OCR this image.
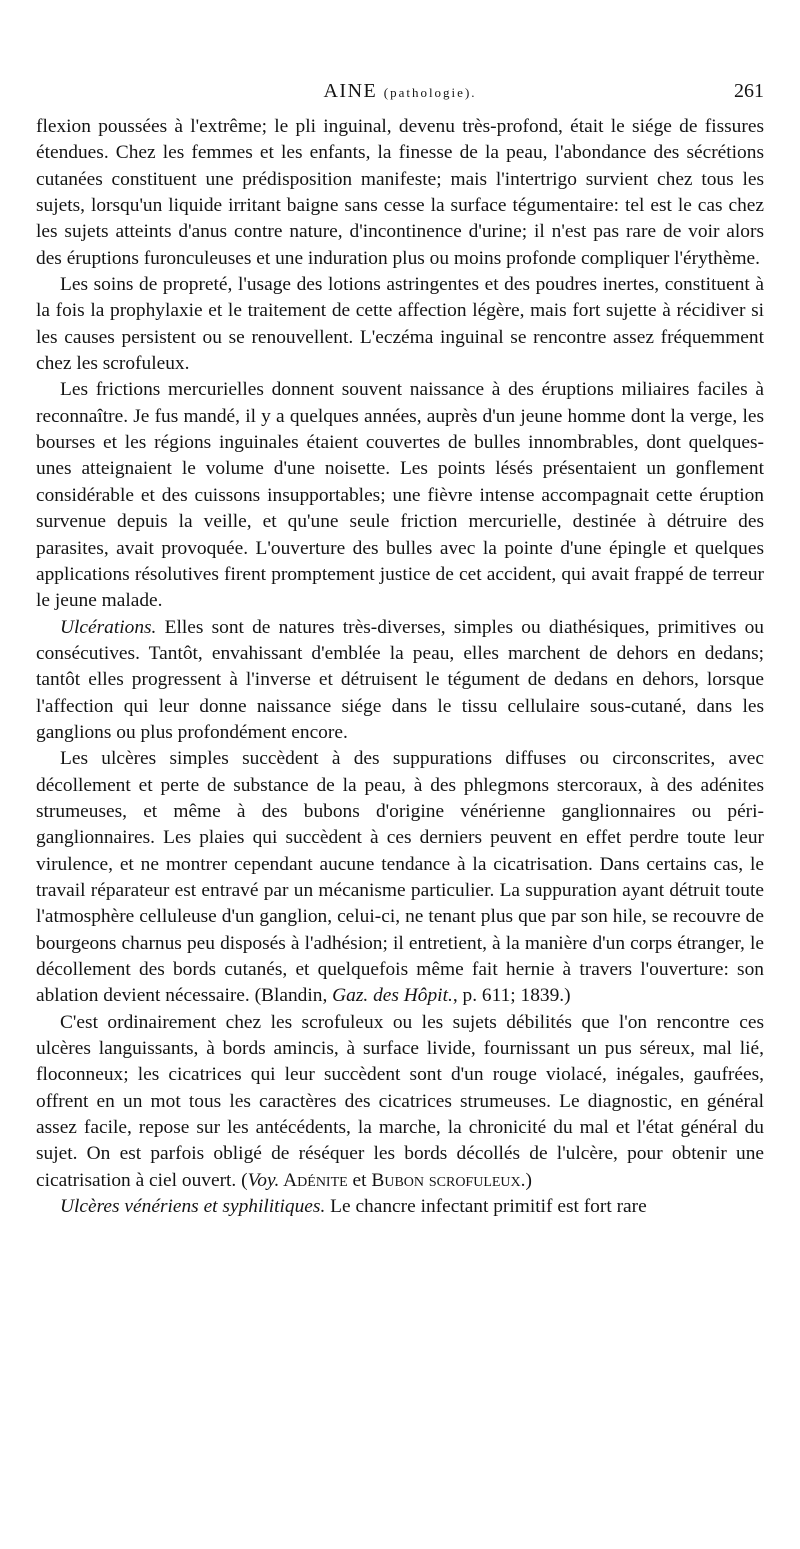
AINE (pathologie).	261

flexion poussées à l'extrême; le pli inguinal, devenu très-profond, était le siége de fissures étendues. Chez les femmes et les enfants, la finesse de la peau, l'abondance des sécrétions cutanées constituent une prédisposition manifeste; mais l'intertrigo survient chez tous les sujets, lorsqu'un liquide irritant baigne sans cesse la surface tégumentaire: tel est le cas chez les sujets atteints d'anus contre nature, d'incontinence d'urine; il n'est pas rare de voir alors des éruptions furonculeuses et une induration plus ou moins profonde compliquer l'érythème.

Les soins de propreté, l'usage des lotions astringentes et des poudres inertes, constituent à la fois la prophylaxie et le traitement de cette affection légère, mais fort sujette à récidiver si les causes persistent ou se renouvellent. L'eczéma inguinal se rencontre assez fréquemment chez les scrofuleux.

Les frictions mercurielles donnent souvent naissance à des éruptions miliaires faciles à reconnaître. Je fus mandé, il y a quelques années, auprès d'un jeune homme dont la verge, les bourses et les régions inguinales étaient couvertes de bulles innombrables, dont quelques-unes atteignaient le volume d'une noisette. Les points lésés présentaient un gonflement considérable et des cuissons insupportables; une fièvre intense accompagnait cette éruption survenue depuis la veille, et qu'une seule friction mercurielle, destinée à détruire des parasites, avait provoquée. L'ouverture des bulles avec la pointe d'une épingle et quelques applications résolutives firent promptement justice de cet accident, qui avait frappé de terreur le jeune malade.

Ulcérations. Elles sont de natures très-diverses, simples ou diathésiques, primitives ou consécutives. Tantôt, envahissant d'emblée la peau, elles marchent de dehors en dedans; tantôt elles progressent à l'inverse et détruisent le tégument de dedans en dehors, lorsque l'affection qui leur donne naissance siége dans le tissu cellulaire sous-cutané, dans les ganglions ou plus profondément encore.

Les ulcères simples succèdent à des suppurations diffuses ou circonscrites, avec décollement et perte de substance de la peau, à des phlegmons stercoraux, à des adénites strumeuses, et même à des bubons d'origine vénérienne ganglionnaires ou péri-ganglionnaires. Les plaies qui succèdent à ces derniers peuvent en effet perdre toute leur virulence, et ne montrer cependant aucune tendance à la cicatrisation. Dans certains cas, le travail réparateur est entravé par un mécanisme particulier. La suppuration ayant détruit toute l'atmosphère celluleuse d'un ganglion, celui-ci, ne tenant plus que par son hile, se recouvre de bourgeons charnus peu disposés à l'adhésion; il entretient, à la manière d'un corps étranger, le décollement des bords cutanés, et quelquefois même fait hernie à travers l'ouverture: son ablation devient nécessaire. (Blandin, Gaz. des Hôpit., p. 611; 1839.)

C'est ordinairement chez les scrofuleux ou les sujets débilités que l'on rencontre ces ulcères languissants, à bords amincis, à surface livide, fournissant un pus séreux, mal lié, floconneux; les cicatrices qui leur succèdent sont d'un rouge violacé, inégales, gaufrées, offrent en un mot tous les caractères des cicatrices strumeuses. Le diagnostic, en général assez facile, repose sur les antécédents, la marche, la chronicité du mal et l'état général du sujet. On est parfois obligé de réséquer les bords décollés de l'ulcère, pour obtenir une cicatrisation à ciel ouvert. (Voy. Adénite et Bubon scrofuleux.)

Ulcères vénériens et syphilitiques. Le chancre infectant primitif est fort rare
